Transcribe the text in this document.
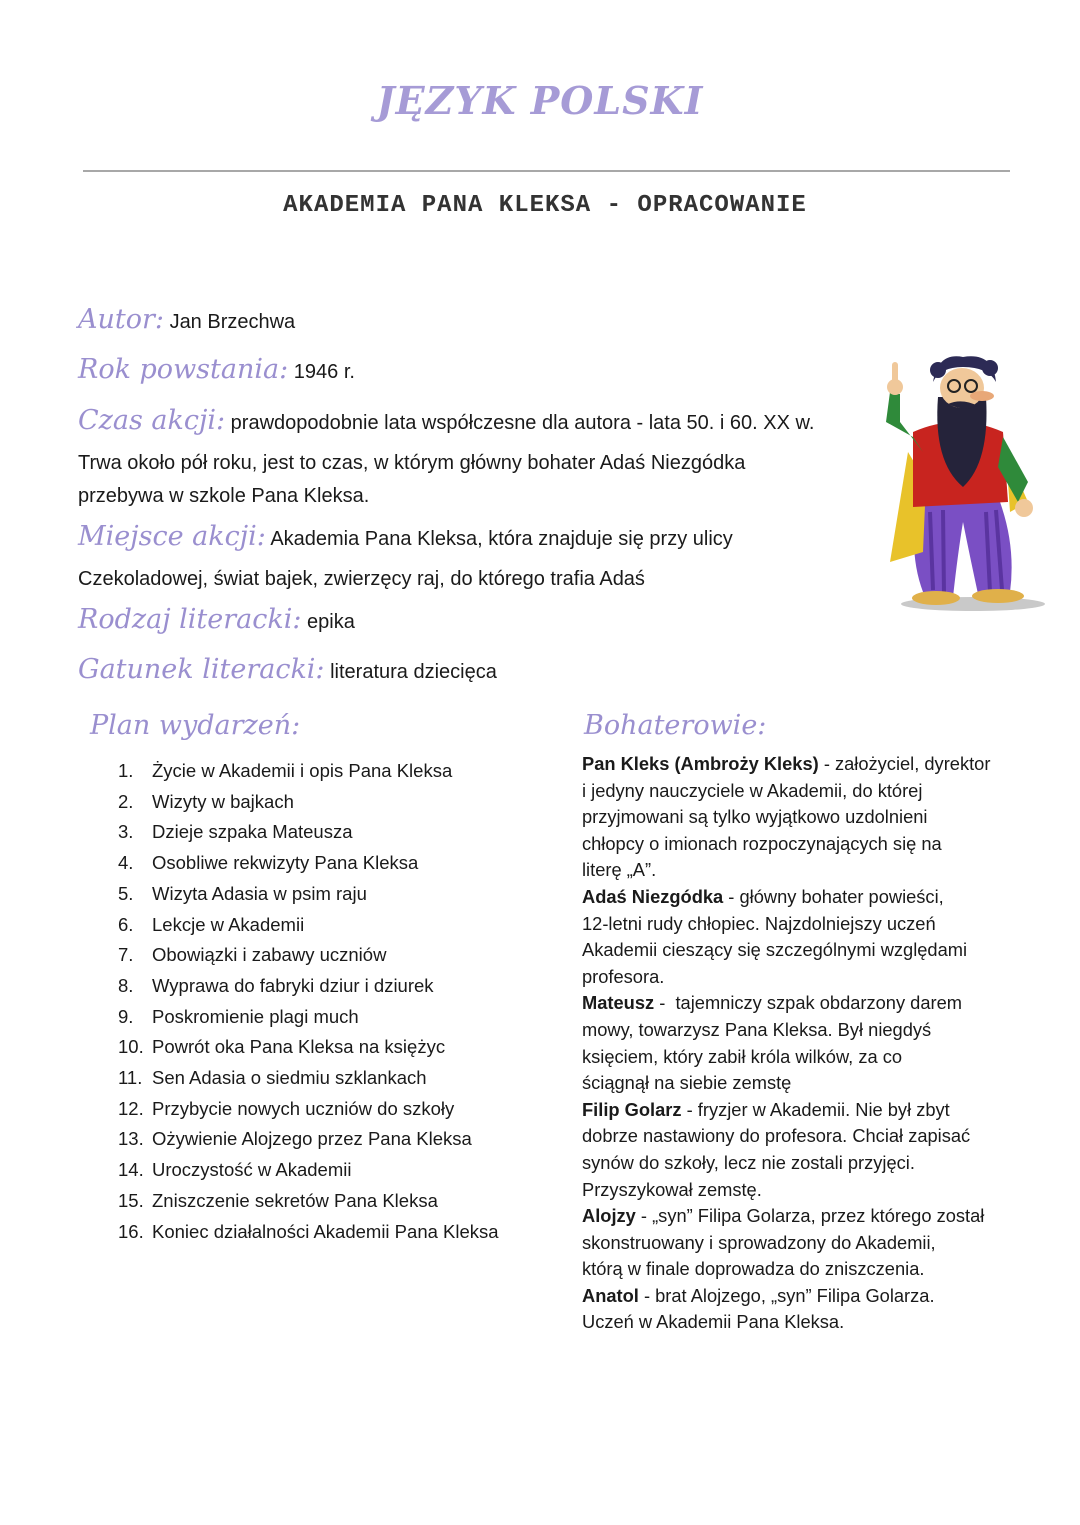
JĘZYK POLSKI
AKADEMIA PANA KLEKSA - OPRACOWANIE
Autor: Jan Brzechwa
Rok powstania: 1946 r.
Czas akcji: prawdopodobnie lata współczesne dla autora - lata 50. i 60. XX w.
Trwa około pół roku, jest to czas, w którym główny bohater Adaś Niezgódka
przebywa w szkole Pana Kleksa.
Miejsce akcji: Akademia Pana Kleksa, która znajduje się przy ulicy
Czekoladowej, świat bajek, zwierzęcy raj, do którego trafia Adaś
Rodzaj literacki: epika
Gatunek literacki: literatura dziecięca
Plan wydarzeń:
1.	Życie w Akademii i opis Pana Kleksa
2.	Wizyty w bajkach
3.	Dzieje szpaka Mateusza
4.	Osobliwe rekwizyty Pana Kleksa
5.	Wizyta Adasia w psim raju
6.	Lekcje w Akademii
7.	Obowiązki i zabawy uczniów
8.	Wyprawa do fabryki dziur i dziurek
9.	Poskromienie plagi much
10. Powrót oka Pana Kleksa na księżyc
11. Sen Adasia o siedmiu szklankach
12. Przybycie nowych uczniów do szkoły
13. Ożywienie Alojzego przez Pana Kleksa
14. Uroczystość w Akademii
15. Zniszczenie sekretów Pana Kleksa
16. Koniec działalności Akademii Pana Kleksa
Bohaterowie:

Pan Kleks (Ambroży Kleks) - założyciel, dyrektor

i jedyny nauczyciele w Akademii, do której

przyjmowani są tylko wyjątkowo uzdolnieni

chłopcy o imionach rozpoczynających się na

literę „A”.

Adaś Niezgódka - główny bohater powieści,

12-letni rudy chłopiec. Najzdolniejszy uczeń

Akademii cieszący się szczególnymi względami

profesora.

Mateusz -  tajemniczy szpak obdarzony darem

mowy, towarzysz Pana Kleksa. Był niegdyś

księciem, który zabił króla wilków, za co

ściągnął na siebie zemstę

Filip Golarz - fryzjer w Akademii. Nie był zbyt

dobrze nastawiony do profesora. Chciał zapisać

synów do szkoły, lecz nie zostali przyjęci.

Przyszykował zemstę.

Alojzy - „syn” Filipa Golarza, przez którego został

skonstruowany i sprowadzony do Akademii,

którą w finale doprowadza do zniszczenia.

Anatol - brat Alojzego, „syn” Filipa Golarza.

Uczeń w Akademii Pana Kleksa.
